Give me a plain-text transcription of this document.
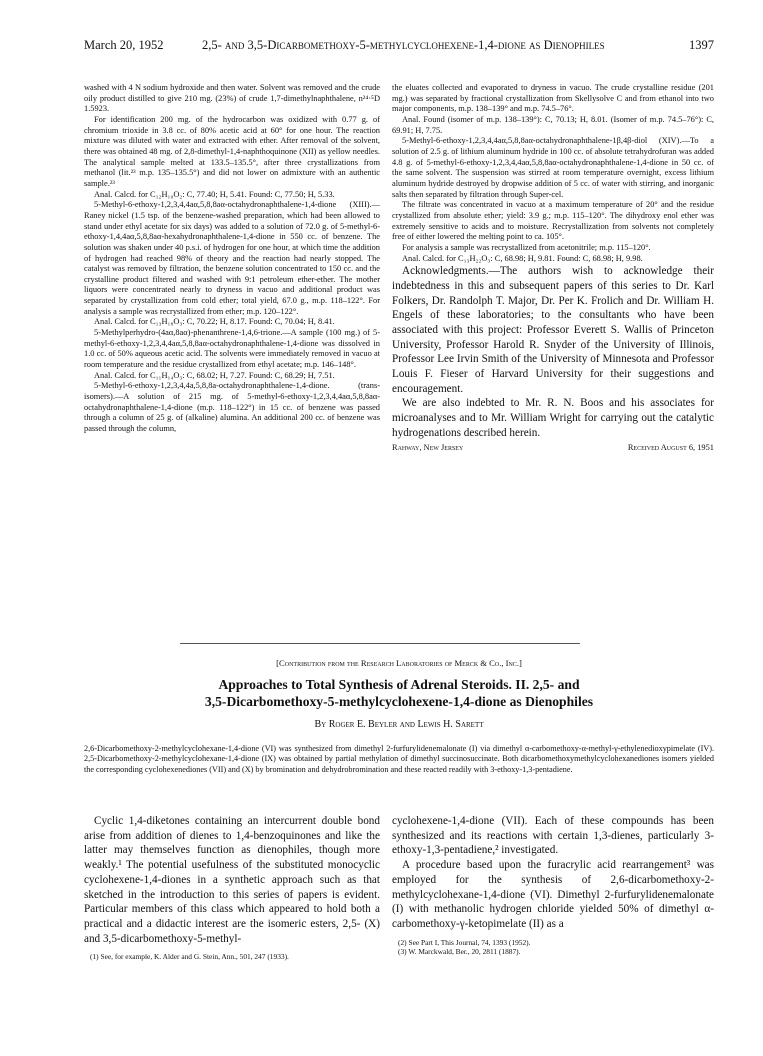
March 20, 1952	2,5- and 3,5-Dicarbomethoxy-5-methylcyclohexene-1,4-dione as Dienophiles	1397

washed with 4 N sodium hydroxide and then water. Solvent was removed and the crude oily product distilled to give 210 mg. (23%) of crude 1,7-dimethylnaphthalene, n²⁴·⁵D 1.5923.

For identification 200 mg. of the hydrocarbon was oxidized with 0.77 g. of chromium trioxide in 3.8 cc. of 80% acetic acid at 60° for one hour. The reaction mixture was diluted with water and extracted with ether. After removal of the solvent, there was obtained 48 mg. of 2,8-dimethyl-1,4-naphthoquinone (XII) as yellow needles. The analytical sample melted at 133.5–135.5°, after three crystallizations from methanol (lit.²³ m.p. 135–135.5°) and did not lower on admixture with an authentic sample.²³

Anal. Calcd. for C₁₂H₁₀O₂: C, 77.40; H, 5.41. Found: C, 77.50; H, 5.33.

5-Methyl-6-ethoxy-1,2,3,4,4aα,5,8,8aα-octahydronaphthalene-1,4-dione (XIII).—Raney nickel (1.5 tsp. of the benzene-washed preparation, which had been allowed to stand under ethyl acetate for six days) was added to a solution of 72.0 g. of 5-methyl-6-ethoxy-1,4,4aα,5,8,8aα-hexahydronaphthalene-1,4-dione in 550 cc. of benzene. The solution was shaken under 40 p.s.i. of hydrogen for one hour, at which time the addition of hydrogen had reached 98% of theory and the reaction had nearly stopped. The catalyst was removed by filtration, the benzene solution concentrated to 150 cc. and the crystalline product filtered and washed with 9:1 petroleum ether-ether. The mother liquors were concentrated nearly to dryness in vacuo and additional product was separated by crystallization from cold ether; total yield, 67.0 g., m.p. 118–122°. For analysis a sample was recrystallized from ether; m.p. 120–122°.

Anal. Calcd. for C₁₃H₁₈O₃: C, 70.22; H, 8.17. Found: C, 70.04; H, 8.41.

5-Methylperhydro-(4aα,8aα)-phenanthrene-1,4,6-trione.—A sample (100 mg.) of 5-methyl-6-ethoxy-1,2,3,4,4aα,5,8,8aα-octahydronaphthalene-1,4-dione was dissolved in 1.0 cc. of 50% aqueous acetic acid. The solvents were immediately removed in vacuo at room temperature and the residue crystallized from ethyl acetate; m.p. 146–148°.

Anal. Calcd. for C₁₁H₁₄O₃: C, 68.02; H, 7.27. Found: C, 68.29; H, 7.51.

5-Methyl-6-ethoxy-1,2,3,4,4a,5,8,8a-octahydronaphthalene-1,4-dione. (trans-isomers).—A solution of 215 mg. of 5-methyl-6-ethoxy-1,2,3,4,4aα,5,8,8aα-octahydronaphthalene-1,4-dione (m.p. 118–122°) in 15 cc. of benzene was passed through a column of 25 g. of (alkaline) alumina. An additional 200 cc. of benzene was passed through the column,

the eluates collected and evaporated to dryness in vacuo. The crude crystalline residue (201 mg.) was separated by fractional crystallization from Skellysolve C and from ethanol into two major components, m.p. 138–139° and m.p. 74.5–76°.

Anal. Found (isomer of m.p. 138–139°): C, 70.13; H, 8.01. (Isomer of m.p. 74.5–76°): C, 69.91; H, 7.75.

5-Methyl-6-ethoxy-1,2,3,4,4aα,5,8,8aα-octahydronaphthalene-1β,4β-diol (XIV).—To a solution of 2.5 g. of lithium aluminum hydride in 100 cc. of absolute tetrahydrofuran was added 4.8 g. of 5-methyl-6-ethoxy-1,2,3,4,4aα,5,8,8aα-octahydronaphthalene-1,4-dione in 50 cc. of the same solvent. The suspension was stirred at room temperature overnight, excess lithium aluminum hydride destroyed by dropwise addition of 5 cc. of water with stirring, and inorganic salts then separated by filtration through Super-cel.

The filtrate was concentrated in vacuo at a maximum temperature of 20° and the residue crystallized from absolute ether; yield: 3.9 g.; m.p. 115–120°. The dihydroxy enol ether was extremely sensitive to acids and to moisture. Recrystallization from solvents not completely free of either lowered the melting point to ca. 105°.

For analysis a sample was recrystallized from acetonitrile; m.p. 115–120°.

Anal. Calcd. for C₁₃H₂₂O₃: C, 68.98; H, 9.81. Found: C, 68.98; H, 9.98.

Acknowledgments.—The authors wish to acknowledge their indebtedness in this and subsequent papers of this series to Dr. Karl Folkers, Dr. Randolph T. Major, Dr. Per K. Frolich and Dr. William H. Engels of these laboratories; to the consultants who have been associated with this project: Professor Everett S. Wallis of Princeton University, Professor Harold R. Snyder of the University of Illinois, Professor Lee Irvin Smith of the University of Minnesota and Professor Louis F. Fieser of Harvard University for their suggestions and encouragement.

We are also indebted to Mr. R. N. Boos and his associates for microanalyses and to Mr. William Wright for carrying out the catalytic hydrogenations described herein.

Rahway, New Jersey	Received August 6, 1951
[Contribution from the Research Laboratories of Merck & Co., Inc.]
Approaches to Total Synthesis of Adrenal Steroids. II. 2,5- and
3,5-Dicarbomethoxy-5-methylcyclohexene-1,4-dione as Dienophiles
By Roger E. Beyler and Lewis H. Sarett
2,6-Dicarbomethoxy-2-methylcyclohexane-1,4-dione (VI) was synthesized from dimethyl 2-furfurylidenemalonate (I) via dimethyl α-carbomethoxy-α-methyl-γ-ethylenedioxypimelate (IV). 2,5-Dicarbomethoxy-2-methylcyclohexane-1,4-dione (IX) was obtained by partial methylation of dimethyl succinosuccinate. Both dicarbomethoxymethylcyclohexanediones isomers yielded the corresponding cyclohexenediones (VII) and (X) by bromination and dehydrobromination and these reacted readily with 3-ethoxy-1,3-pentadiene.

Cyclic 1,4-diketones containing an intercurrent double bond arise from addition of dienes to 1,4-benzoquinones and like the latter may themselves function as dienophiles, though more weakly.¹ The potential usefulness of the substituted monocyclic cyclohexene-1,4-diones in a synthetic approach such as that sketched in the introduction to this series of papers is evident. Particular members of this class which appeared to hold both a practical and a didactic interest are the isomeric esters, 2,5- (X) and 3,5-dicarbomethoxy-5-methyl-

(1) See, for example, K. Alder and G. Stein, Ann., 501, 247 (1933).

cyclohexene-1,4-dione (VII). Each of these compounds has been synthesized and its reactions with certain 1,3-dienes, particularly 3-ethoxy-1,3-pentadiene,² investigated.

A procedure based upon the furacrylic acid rearrangement³ was employed for the synthesis of 2,6-dicarbomethoxy-2-methylcyclohexane-1,4-dione (VI). Dimethyl 2-furfurylidenemalonate (I) with methanolic hydrogen chloride yielded 50% of dimethyl α-carbomethoxy-γ-ketopimelate (II) as a

(2) See Part I, This Journal, 74, 1393 (1952).
(3) W. Marckwald, Ber., 20, 2811 (1887).
